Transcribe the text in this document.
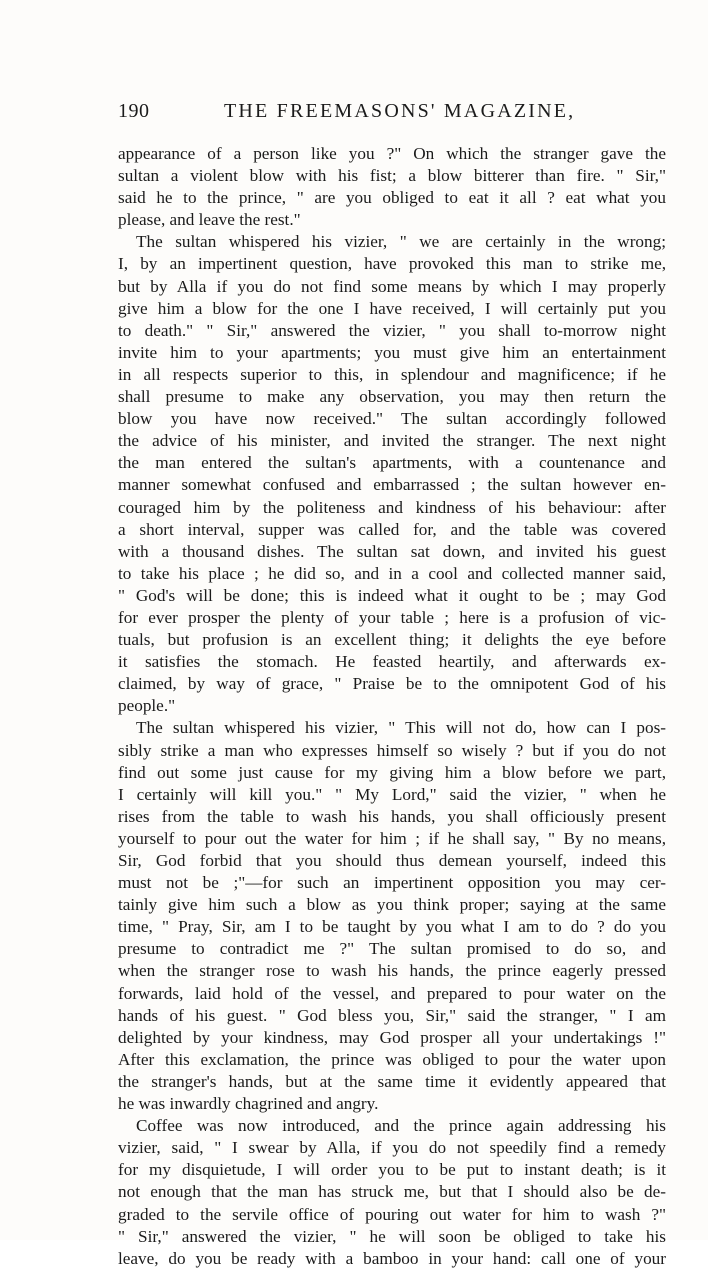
190	THE FREEMASONS' MAGAZINE,
appearance of a person like you ?" On which the stranger gave the
sultan a violent blow with his fist; a blow bitterer than fire. " Sir,"
said he to the prince, " are you obliged to eat it all ? eat what you
please, and leave the rest."
The sultan whispered his vizier, " we are certainly in the wrong;
I, by an impertinent question, have provoked this man to strike me,
but by Alla if you do not find some means by which I may properly
give him a blow for the one I have received, I will certainly put you
to death." " Sir," answered the vizier, " you shall to-morrow night
invite him to your apartments; you must give him an entertainment
in all respects superior to this, in splendour and magnificence; if he
shall presume to make any observation, you may then return the
blow you have now received." The sultan accordingly followed
the advice of his minister, and invited the stranger. The next night
the man entered the sultan's apartments, with a countenance and
manner somewhat confused and embarrassed ; the sultan however en-
couraged him by the politeness and kindness of his behaviour: after
a short interval, supper was called for, and the table was covered
with a thousand dishes. The sultan sat down, and invited his guest
to take his place ; he did so, and in a cool and collected manner said,
" God's will be done; this is indeed what it ought to be ; may God
for ever prosper the plenty of your table ; here is a profusion of vic-
tuals, but profusion is an excellent thing; it delights the eye before
it satisfies the stomach. He feasted heartily, and afterwards ex-
claimed, by way of grace, " Praise be to the omnipotent God of his
people."
The sultan whispered his vizier, " This will not do, how can I pos-
sibly strike a man who expresses himself so wisely ? but if you do not
find out some just cause for my giving him a blow before we part,
I certainly will kill you." " My Lord," said the vizier, " when he
rises from the table to wash his hands, you shall officiously present
yourself to pour out the water for him ; if he shall say, " By no means,
Sir, God forbid that you should thus demean yourself, indeed this
must not be ;"—for such an impertinent opposition you may cer-
tainly give him such a blow as you think proper; saying at the same
time, " Pray, Sir, am I to be taught by you what I am to do ? do you
presume to contradict me ?" The sultan promised to do so, and
when the stranger rose to wash his hands, the prince eagerly pressed
forwards, laid hold of the vessel, and prepared to pour water on the
hands of his guest. " God bless you, Sir," said the stranger, " I am
delighted by your kindness, may God prosper all your undertakings !"
After this exclamation, the prince was obliged to pour the water upon
the stranger's hands, but at the same time it evidently appeared that
he was inwardly chagrined and angry.
Coffee was now introduced, and the prince again addressing his
vizier, said, " I swear by Alla, if you do not speedily find a remedy
for my disquietude, I will order you to be put to instant death; is it
not enough that the man has struck me, but that I should also be de-
graded to the servile office of pouring out water for him to wash ?"
" Sir," answered the vizier, " he will soon be obliged to take his
leave, do you be ready with a bamboo in your hand: call one of your
